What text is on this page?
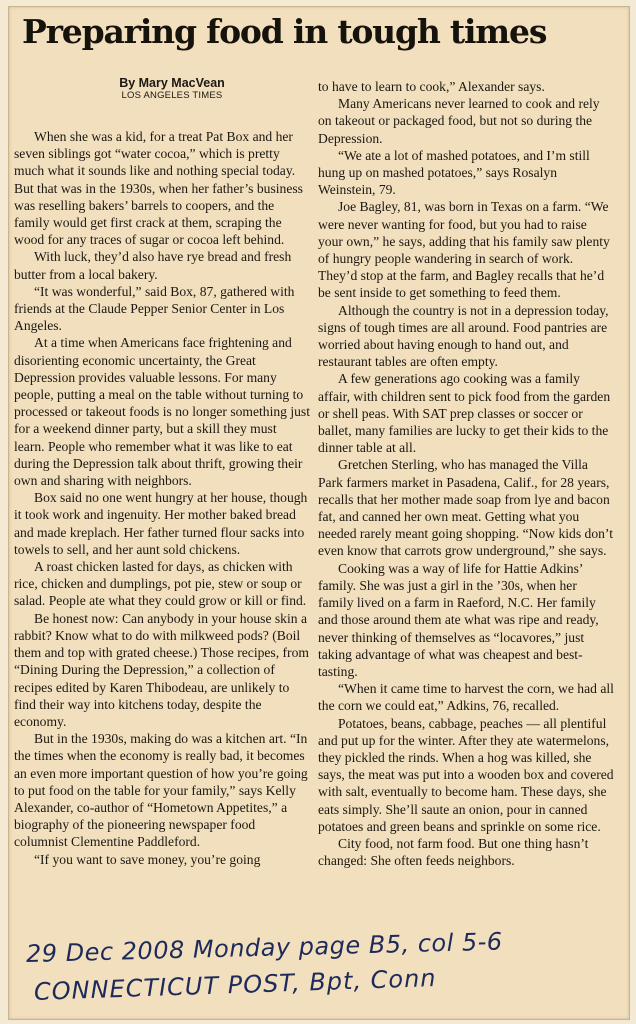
Preparing food in tough times
By Mary MacVean
LOS ANGELES TIMES

When she was a kid, for a treat Pat Box and her seven siblings got “water cocoa,” which is pretty much what it sounds like and nothing special today. But that was in the 1930s, when her father’s business was reselling bakers’ barrels to coopers, and the family would get first crack at them, scraping the wood for any traces of sugar or cocoa left behind.

With luck, they’d also have rye bread and fresh butter from a local bakery.

“It was wonderful,” said Box, 87, gathered with friends at the Claude Pepper Senior Center in Los Angeles.

At a time when Americans face frightening and disorienting economic uncertainty, the Great Depression provides valuable lessons. For many people, putting a meal on the table without turning to processed or takeout foods is no longer something just for a weekend dinner party, but a skill they must learn. People who remember what it was like to eat during the Depression talk about thrift, growing their own and sharing with neighbors.

Box said no one went hungry at her house, though it took work and ingenuity. Her mother baked bread and made kreplach. Her father turned flour sacks into towels to sell, and her aunt sold chickens.

A roast chicken lasted for days, as chicken with rice, chicken and dumplings, pot pie, stew or soup or salad. People ate what they could grow or kill or find.

Be honest now: Can anybody in your house skin a rabbit? Know what to do with milkweed pods? (Boil them and top with grated cheese.) Those recipes, from “Dining During the Depression,” a collection of recipes edited by Karen Thibodeau, are unlikely to find their way into kitchens today, despite the economy.

But in the 1930s, making do was a kitchen art. “In the times when the economy is really bad, it becomes an even more important question of how you’re going to put food on the table for your family,” says Kelly Alexander, co-author of “Hometown Appetites,” a biography of the pioneering newspaper food columnist Clementine Paddleford.

“If you want to save money, you’re going

to have to learn to cook,” Alexander says.

Many Americans never learned to cook and rely on takeout or packaged food, but not so during the Depression.

“We ate a lot of mashed potatoes, and I’m still hung up on mashed potatoes,” says Rosalyn Weinstein, 79.

Joe Bagley, 81, was born in Texas on a farm. “We were never wanting for food, but you had to raise your own,” he says, adding that his family saw plenty of hungry people wandering in search of work. They’d stop at the farm, and Bagley recalls that he’d be sent inside to get something to feed them.

Although the country is not in a depression today, signs of tough times are all around. Food pantries are worried about having enough to hand out, and restaurant tables are often empty.

A few generations ago cooking was a family affair, with children sent to pick food from the garden or shell peas. With SAT prep classes or soccer or ballet, many families are lucky to get their kids to the dinner table at all.

Gretchen Sterling, who has managed the Villa Park farmers market in Pasadena, Calif., for 28 years, recalls that her mother made soap from lye and bacon fat, and canned her own meat. Getting what you needed rarely meant going shopping. “Now kids don’t even know that carrots grow underground,” she says.

Cooking was a way of life for Hattie Adkins’ family. She was just a girl in the ’30s, when her family lived on a farm in Raeford, N.C. Her family and those around them ate what was ripe and ready, never thinking of themselves as “locavores,” just taking advantage of what was cheapest and best-tasting.

“When it came time to harvest the corn, we had all the corn we could eat,” Adkins, 76, recalled.

Potatoes, beans, cabbage, peaches — all plentiful and put up for the winter. After they ate watermelons, they pickled the rinds. When a hog was killed, she says, the meat was put into a wooden box and covered with salt, eventually to become ham. These days, she eats simply. She’ll saute an onion, pour in canned potatoes and green beans and sprinkle on some rice.

City food, not farm food. But one thing hasn’t changed: She often feeds neighbors.

29 Dec 2008 Monday page B5, col 5-6
CONNECTICUT POST, Bpt, Conn
